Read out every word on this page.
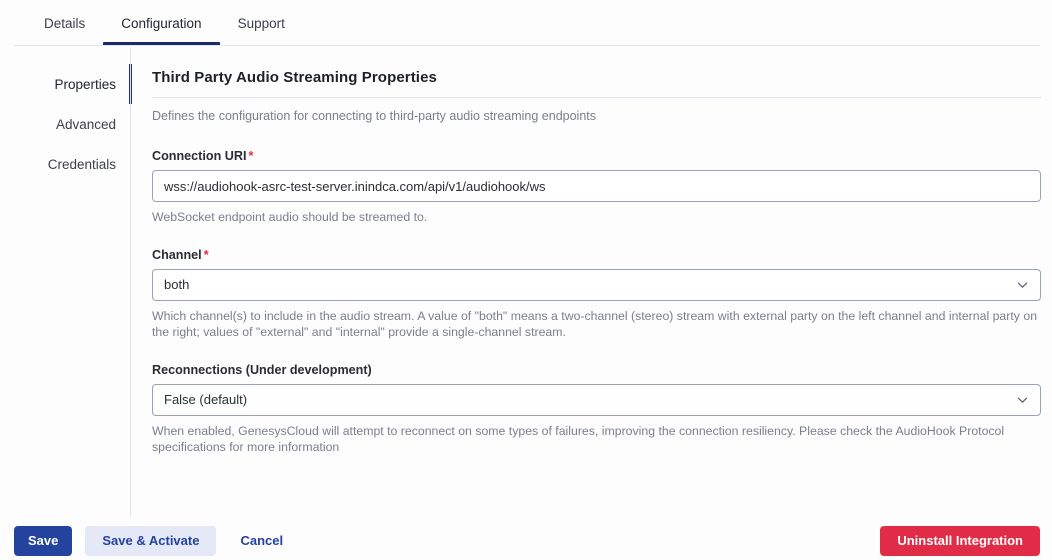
Details	Configuration	Support
Properties
Advanced
Credentials
Third Party Audio Streaming Properties
Defines the configuration for connecting to third-party audio streaming endpoints
Connection URI *
wss://audiohook-asrc-test-server.inindca.com/api/v1/audiohook/ws
WebSocket endpoint audio should be streamed to.
Channel *
both
Which channel(s) to include in the audio stream. A value of "both" means a two-channel (stereo) stream with external party on the left channel and internal party on the right; values of "external" and "internal" provide a single-channel stream.
Reconnections (Under development)
False (default)
When enabled, GenesysCloud will attempt to reconnect on some types of failures, improving the connection resiliency. Please check the AudioHook Protocol specifications for more information
Save	Save & Activate	Cancel	Uninstall Integration
